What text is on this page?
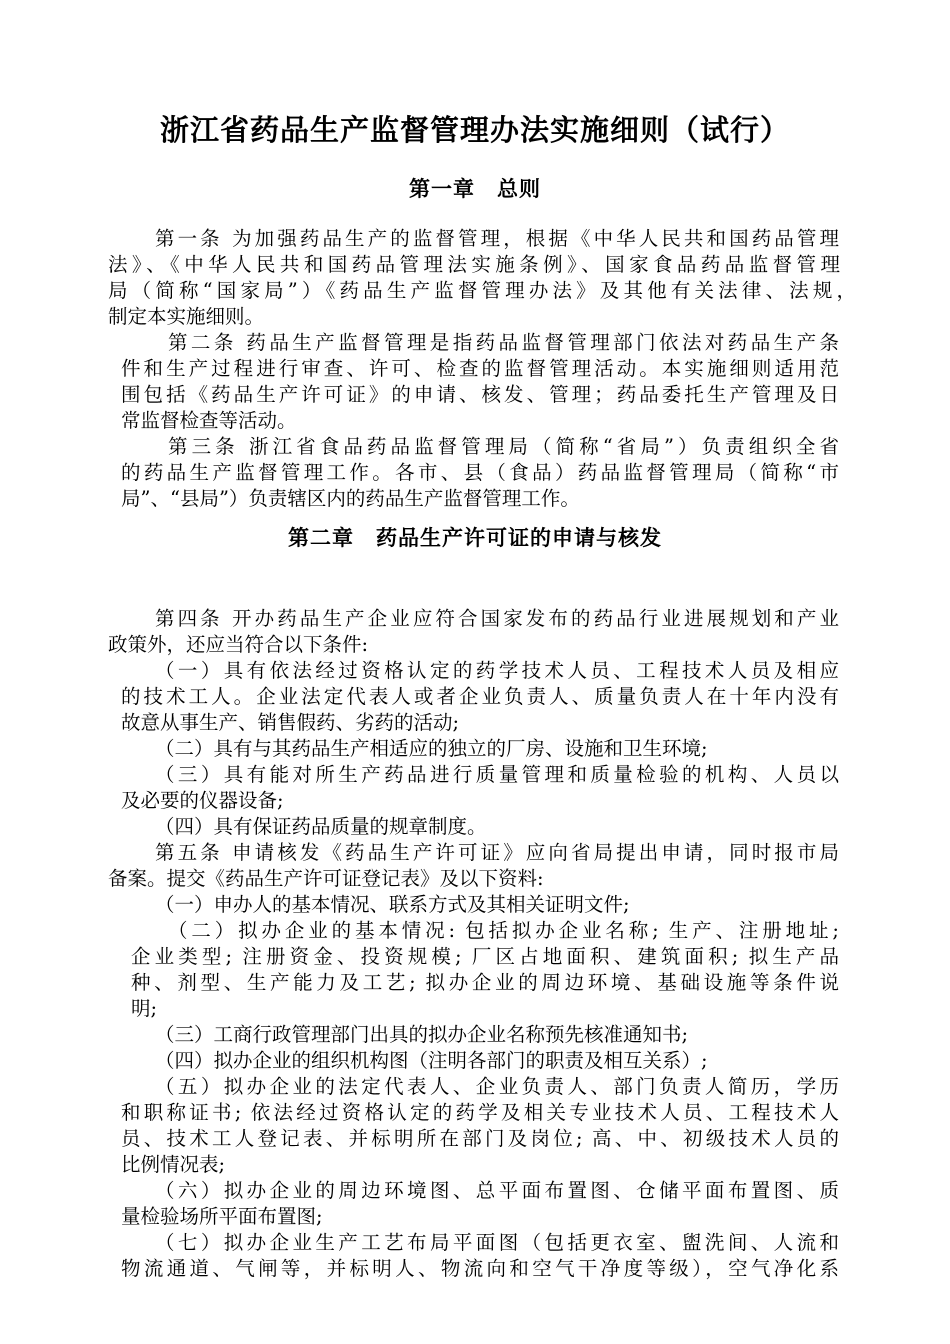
浙江省药品生产监督管理办法实施细则（试行）
第一章　总则
第二章　药品生产许可证的申请与核发
第一条 为加强药品生产的监督管理，根据《中华人民共和国药品管理
法》、《中华人民共和国药品管理法实施条例》、国家食品药品监督管理
局（简称“国家局”）《药品生产监督管理办法》及其他有关法律、法规，
制定本实施细则。
第二条 药品生产监督管理是指药品监督管理部门依法对药品生产条
件和生产过程进行审查、许可、检查的监督管理活动。本实施细则适用范
围包括《药品生产许可证》的申请、核发、管理；药品委托生产管理及日
常监督检查等活动。
第三条 浙江省食品药品监督管理局（简称“省局”）负责组织全省
的药品生产监督管理工作。各市、县（食品）药品监督管理局（简称“市
局”、“县局”）负责辖区内的药品生产监督管理工作。
第四条 开办药品生产企业应符合国家发布的药品行业进展规划和产业
政策外，还应当符合以下条件:
（一）具有依法经过资格认定的药学技术人员、工程技术人员及相应
的技术工人。企业法定代表人或者企业负责人、质量负责人在十年内没有
故意从事生产、销售假药、劣药的活动;
（二）具有与其药品生产相适应的独立的厂房、设施和卫生环境;
（三）具有能对所生产药品进行质量管理和质量检验的机构、人员以
及必要的仪器设备;
（四）具有保证药品质量的规章制度。
第五条 申请核发《药品生产许可证》应向省局提出申请，同时报市局
备案。提交《药品生产许可证登记表》及以下资料:
（一）申办人的基本情况、联系方式及其相关证明文件;
（二）拟办企业的基本情况: 包括拟办企业名称; 生产、注册地址;
企业类型; 注册资金、投资规模; 厂区占地面积、建筑面积; 拟生产品
种、剂型、生产能力及工艺; 拟办企业的周边环境、基础设施等条件说
明;
（三）工商行政管理部门出具的拟办企业名称预先核准通知书;
（四）拟办企业的组织机构图（注明各部门的职责及相互关系）;
（五）拟办企业的法定代表人、企业负责人、部门负责人简历，学历
和职称证书; 依法经过资格认定的药学及相关专业技术人员、工程技术人
员、技术工人登记表、并标明所在部门及岗位; 高、中、初级技术人员的
比例情况表;
（六）拟办企业的周边环境图、总平面布置图、仓储平面布置图、质
量检验场所平面布置图;
（七）拟办企业生产工艺布局平面图（包括更衣室、盥洗间、人流和
物流通道、气闸等，并标明人、物流向和空气干净度等级），空气净化系
